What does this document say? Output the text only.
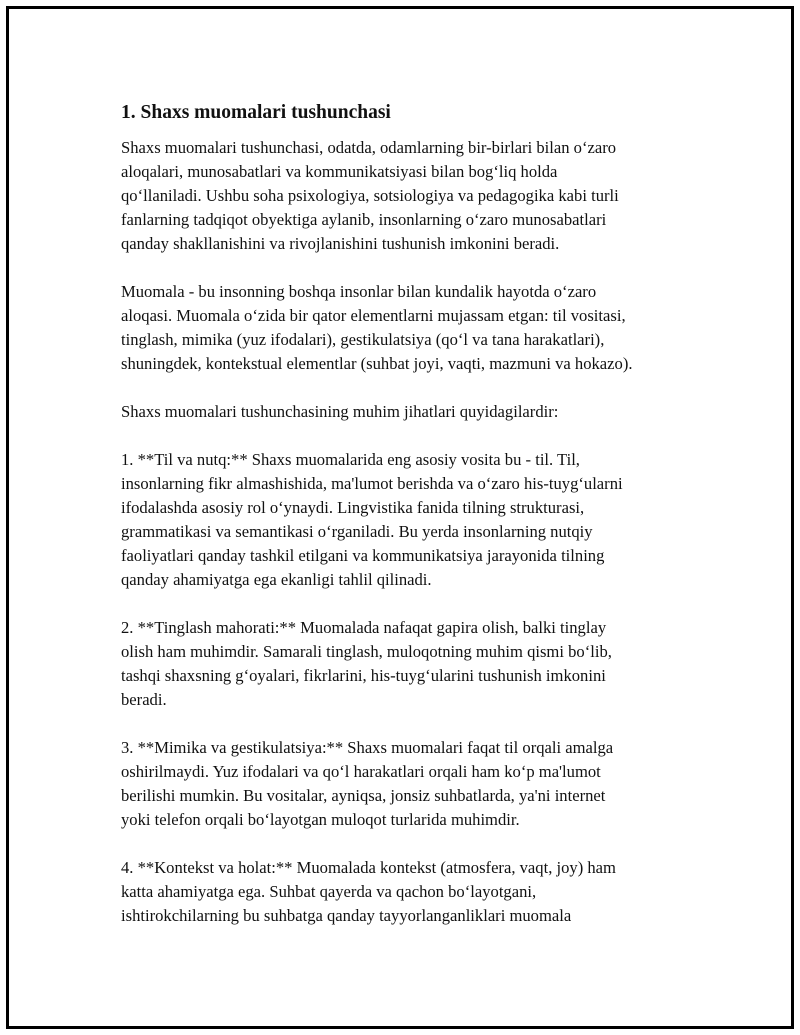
1. Shaxs muomalari tushunchasi
Shaxs muomalari tushunchasi, odatda, odamlarning bir-birlari bilan o‘zaro
aloqalari, munosabatlari va kommunikatsiyasi bilan bog‘liq holda
qo‘llaniladi. Ushbu soha psixologiya, sotsiologiya va pedagogika kabi turli
fanlarning tadqiqot obyektiga aylanib, insonlarning o‘zaro munosabatlari
qanday shakllanishini va rivojlanishini tushunish imkonini beradi.
Muomala - bu insonning boshqa insonlar bilan kundalik hayotda o‘zaro
aloqasi. Muomala o‘zida bir qator elementlarni mujassam etgan: til vositasi,
tinglash, mimika (yuz ifodalari), gestikulatsiya (qo‘l va tana harakatlari),
shuningdek, kontekstual elementlar (suhbat joyi, vaqti, mazmuni va hokazo).
Shaxs muomalari tushunchasining muhim jihatlari quyidagilardir:
1. **Til va nutq:** Shaxs muomalarida eng asosiy vosita bu - til. Til,
insonlarning fikr almashishida, ma'lumot berishda va o‘zaro his-tuyg‘ularni
ifodalashda asosiy rol o‘ynaydi. Lingvistika fanida tilning strukturasi,
grammatikasi va semantikasi o‘rganiladi. Bu yerda insonlarning nutqiy
faoliyatlari qanday tashkil etilgani va kommunikatsiya jarayonida tilning
qanday ahamiyatga ega ekanligi tahlil qilinadi.
2. **Tinglash mahorati:** Muomalada nafaqat gapira olish, balki tinglay
olish ham muhimdir. Samarali tinglash, muloqotning muhim qismi bo‘lib,
tashqi shaxsning g‘oyalari, fikrlarini, his-tuyg‘ularini tushunish imkonini
beradi.
3. **Mimika va gestikulatsiya:** Shaxs muomalari faqat til orqali amalga
oshirilmaydi. Yuz ifodalari va qo‘l harakatlari orqali ham ko‘p ma'lumot
berilishi mumkin. Bu vositalar, ayniqsa, jonsiz suhbatlarda, ya'ni internet
yoki telefon orqali bo‘layotgan muloqot turlarida muhimdir.
4. **Kontekst va holat:** Muomalada kontekst (atmosfera, vaqt, joy) ham
katta ahamiyatga ega. Suhbat qayerda va qachon bo‘layotgani,
ishtirokchilarning bu suhbatga qanday tayyorlanganliklari muomala
